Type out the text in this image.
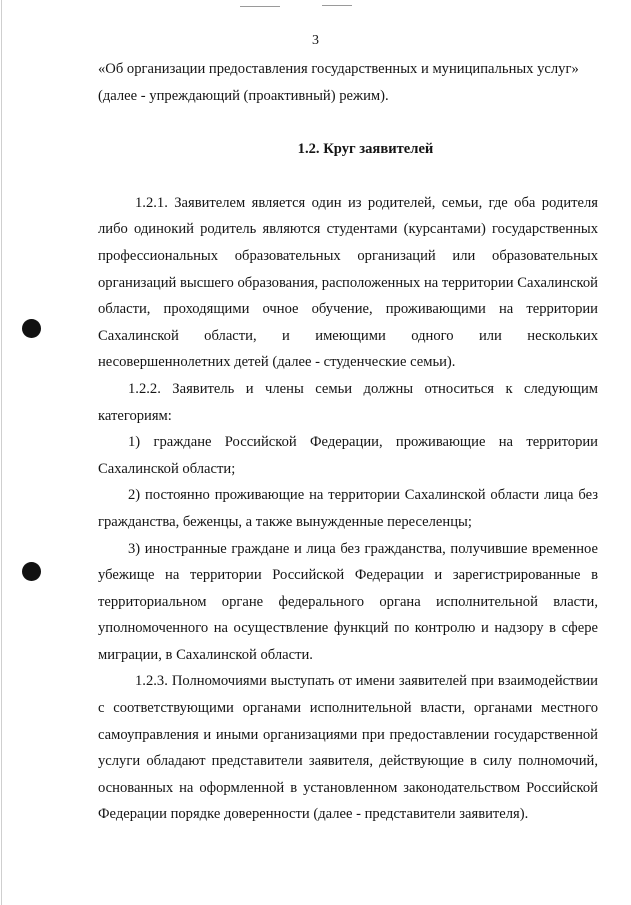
3

«Об организации предоставления государственных и муниципальных услуг»

(далее - упреждающий (проактивный) режим).

1.2. Круг заявителей

1.2.1. Заявителем является один из родителей, семьи, где оба родителя либо одинокий родитель являются студентами (курсантами) государственных профессиональных образовательных организаций или образовательных организаций высшего образования, расположенных на территории Сахалинской области, проходящими очное обучение, проживающими на территории Сахалинской области, и имеющими одного или нескольких несовершеннолетних детей (далее - студенческие семьи).

1.2.2. Заявитель и члены семьи должны относиться к следующим категориям:

1) граждане Российской Федерации, проживающие на территории Сахалинской области;

2) постоянно проживающие на территории Сахалинской области лица без гражданства, беженцы, а также вынужденные переселенцы;

3) иностранные граждане и лица без гражданства, получившие временное убежище на территории Российской Федерации и зарегистрированные в территориальном органе федерального органа исполнительной власти, уполномоченного на осуществление функций по контролю и надзору в сфере миграции, в Сахалинской области.

1.2.3. Полномочиями выступать от имени заявителей при взаимодействии с соответствующими органами исполнительной власти, органами местного самоуправления и иными организациями при предоставлении государственной услуги обладают представители заявителя, действующие в силу полномочий, основанных на оформленной в установленном законодательством Российской Федерации порядке доверенности (далее - представители заявителя).
